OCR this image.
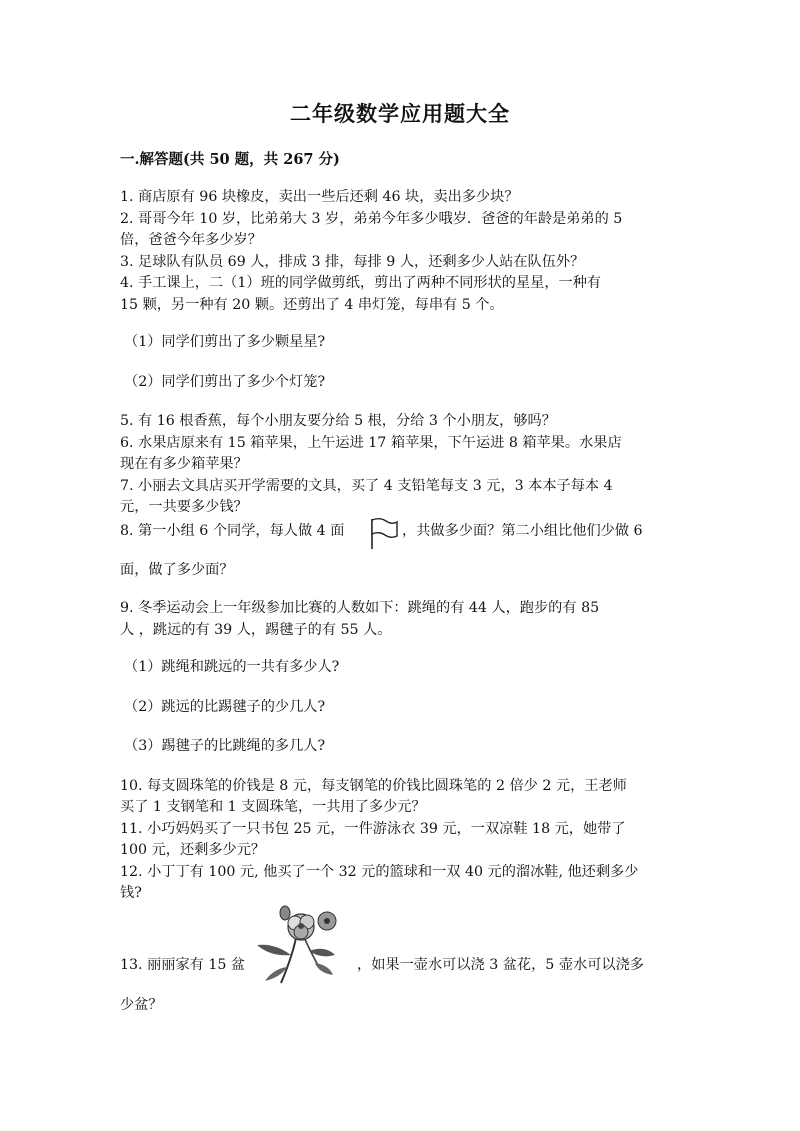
二年级数学应用题大全
一.解答题(共 50 题，共 267 分)
1. 商店原有 96 块橡皮，卖出一些后还剩 46 块，卖出多少块？
2. 哥哥今年 10 岁，比弟弟大 3 岁，弟弟今年多少哦岁．爸爸的年龄是弟弟的 5
倍，爸爸今年多少岁？
3. 足球队有队员 69 人，排成 3 排，每排 9 人，还剩多少人站在队伍外？
4. 手工课上，二（1）班的同学做剪纸，剪出了两种不同形状的星星，一种有
15 颗，另一种有 20 颗。还剪出了 4 串灯笼，每串有 5 个。
（1）同学们剪出了多少颗星星?
（2）同学们剪出了多少个灯笼?
5. 有 16 根香蕉，每个小朋友要分给 5 根，分给 3 个小朋友，够吗？
6. 水果店原来有 15 箱苹果，上午运进 17 箱苹果，下午运进 8 箱苹果。水果店
现在有多少箱苹果？
7. 小丽去文具店买开学需要的文具，买了 4 支铅笔每支 3 元，3 本本子每本 4
元，一共要多少钱？
8. 第一小组 6 个同学，每人做 4 面	，共做多少面？第二小组比他们少做 6
面，做了多少面？
9. 冬季运动会上一年级参加比赛的人数如下：跳绳的有 44 人，跑步的有 85
人 ，跳远的有 39 人，踢毽子的有 55 人。
（1）跳绳和跳远的一共有多少人?
（2）跳远的比踢毽子的少几人?
（3）踢毽子的比跳绳的多几人?
10. 每支圆珠笔的价钱是 8 元，每支钢笔的价钱比圆珠笔的 2 倍少 2 元，王老师
买了 1 支钢笔和 1 支圆珠笔，一共用了多少元？
11. 小巧妈妈买了一只书包 25 元，一件游泳衣 39 元，一双凉鞋 18 元，她带了
100 元，还剩多少元？
12. 小丁丁有 100 元, 他买了一个 32 元的篮球和一双 40 元的溜冰鞋, 他还剩多少
钱?
13. 丽丽家有 15 盆	，如果一壶水可以浇 3 盆花，5 壶水可以浇多
少盆？
